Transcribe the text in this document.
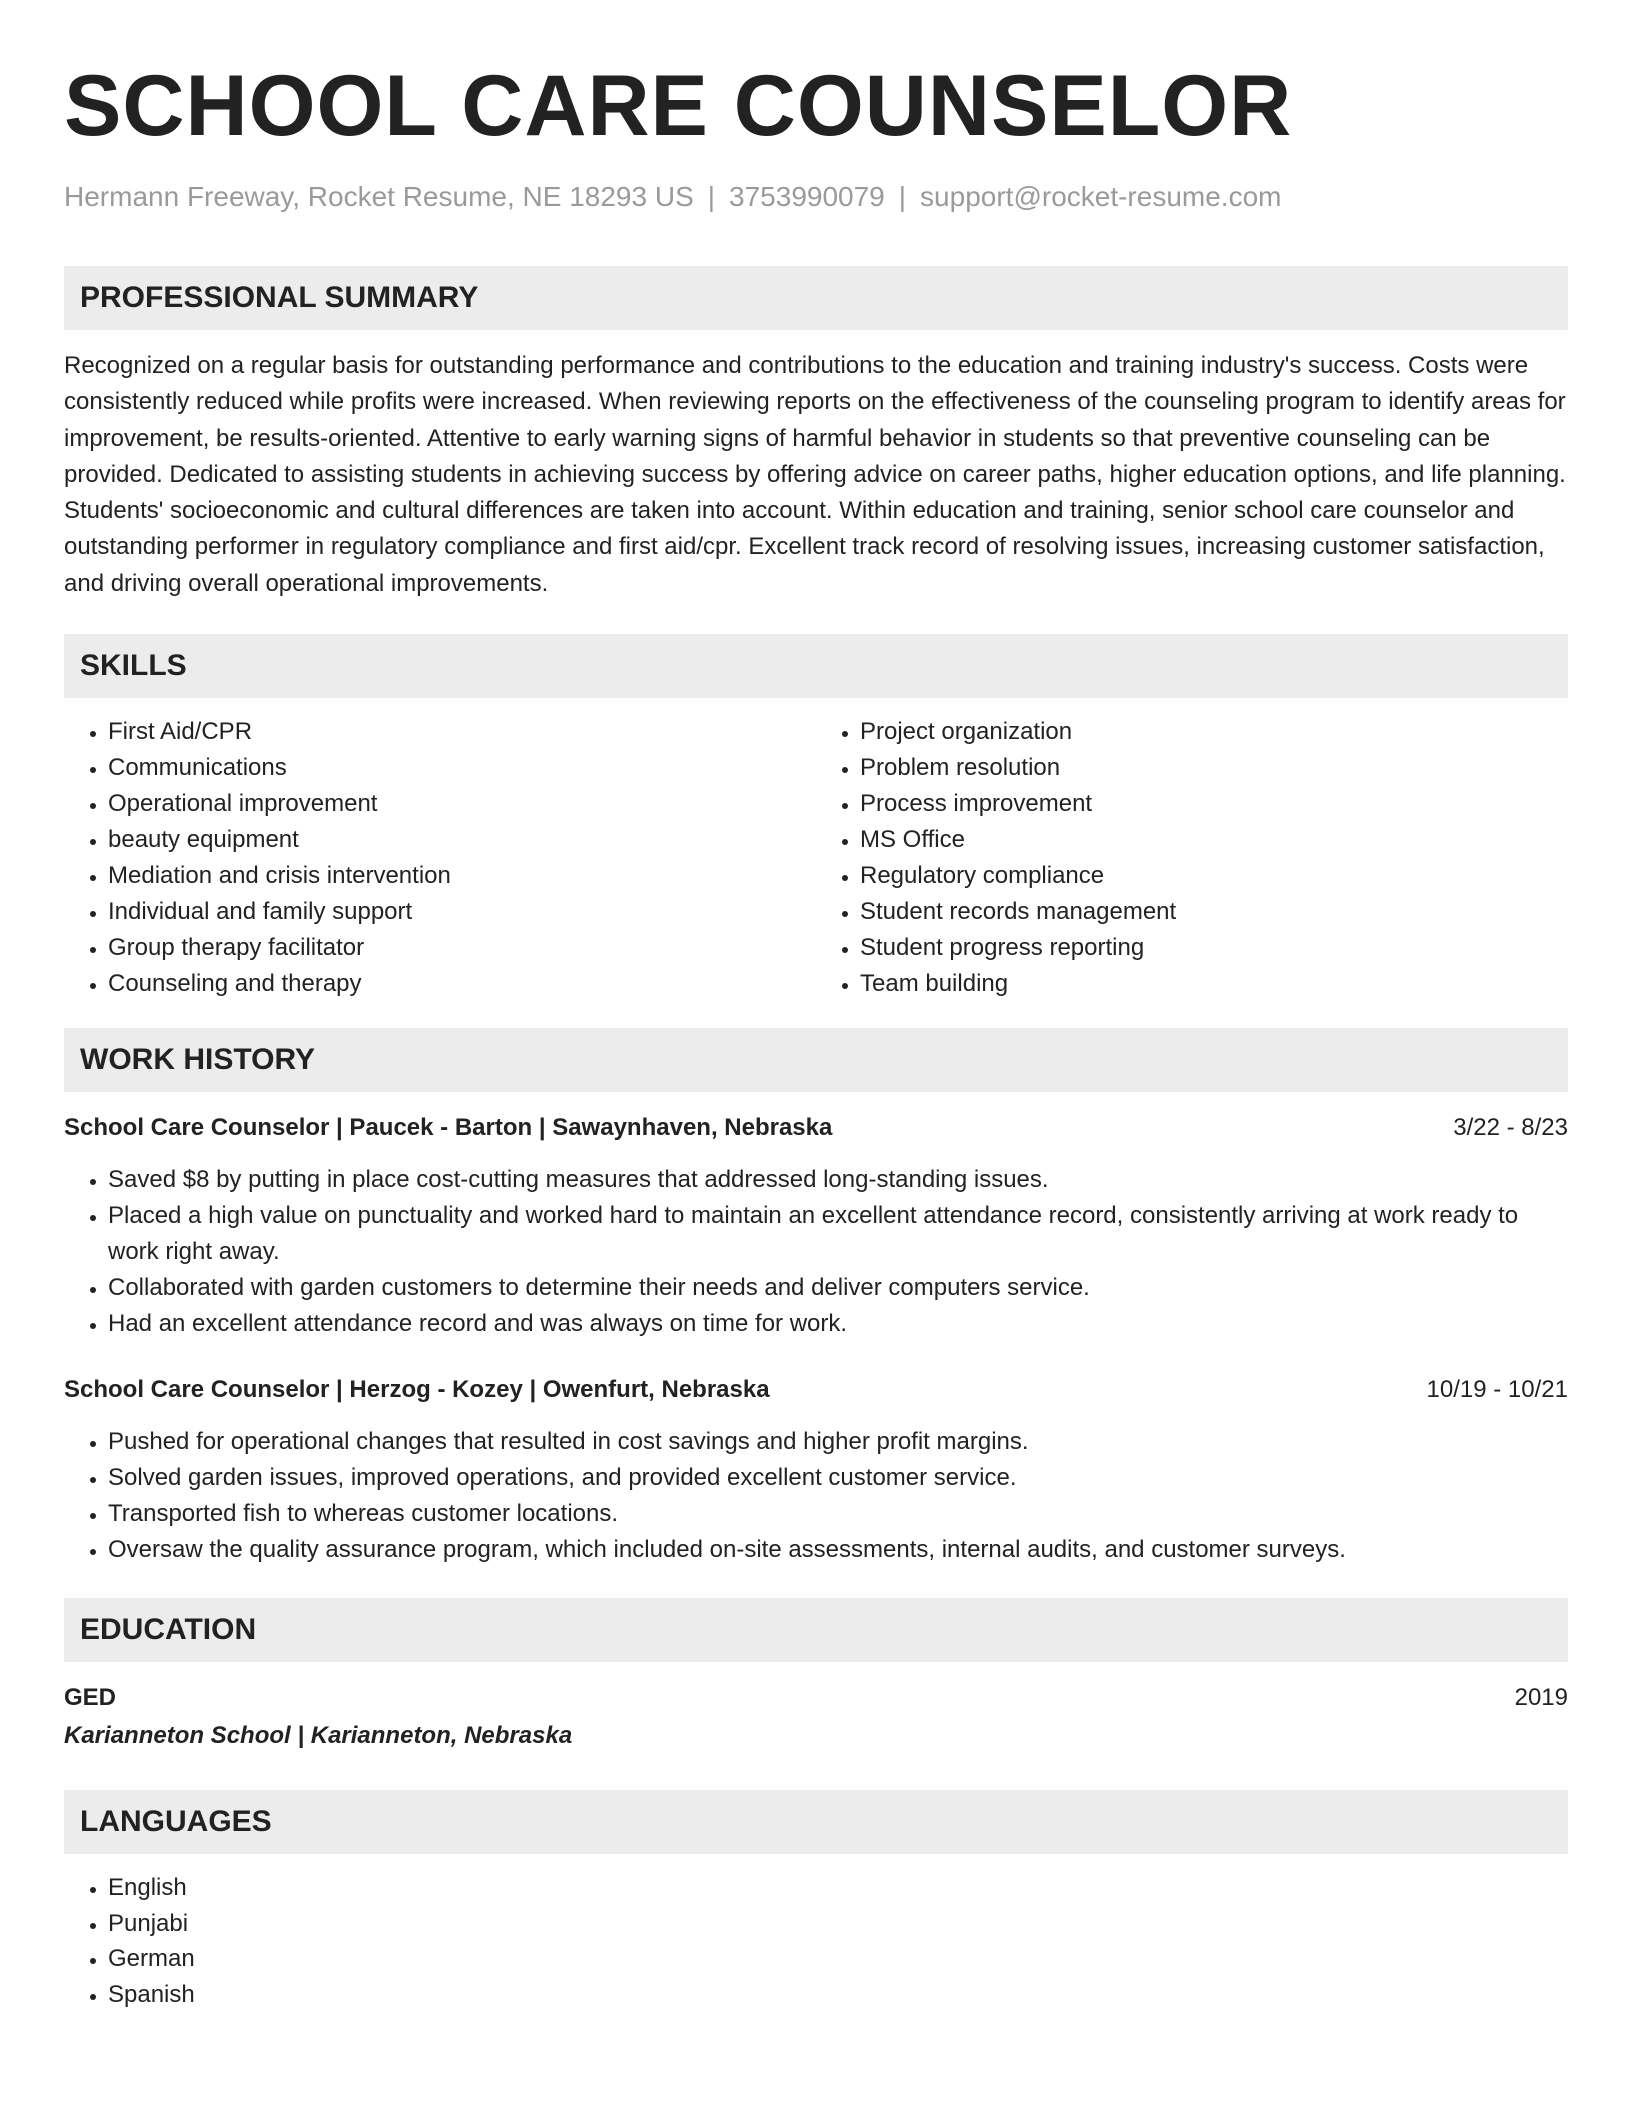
SCHOOL CARE COUNSELOR
Hermann Freeway, Rocket Resume, NE 18293 US | 3753990079 | support@rocket-resume.com
PROFESSIONAL SUMMARY

Recognized on a regular basis for outstanding performance and contributions to the education and training industry's success. Costs were consistently reduced while profits were increased. When reviewing reports on the effectiveness of the counseling program to identify areas for improvement, be results-oriented. Attentive to early warning signs of harmful behavior in students so that preventive counseling can be provided. Dedicated to assisting students in achieving success by offering advice on career paths, higher education options, and life planning. Students' socioeconomic and cultural differences are taken into account. Within education and training, senior school care counselor and outstanding performer in regulatory compliance and first aid/cpr. Excellent track record of resolving issues, increasing customer satisfaction, and driving overall operational improvements.

SKILLS
• First Aid/CPR
• Communications
• Operational improvement
• beauty equipment
• Mediation and crisis intervention
• Individual and family support
• Group therapy facilitator
• Counseling and therapy
• Project organization
• Problem resolution
• Process improvement
• MS Office
• Regulatory compliance
• Student records management
• Student progress reporting
• Team building
WORK HISTORY
School Care Counselor | Paucek - Barton | Sawaynhaven, Nebraska	3/22 - 8/23
• Saved $8 by putting in place cost-cutting measures that addressed long-standing issues.
• Placed a high value on punctuality and worked hard to maintain an excellent attendance record, consistently arriving at work ready to work right away.
• Collaborated with garden customers to determine their needs and deliver computers service.
• Had an excellent attendance record and was always on time for work.
School Care Counselor | Herzog - Kozey | Owenfurt, Nebraska	10/19 - 10/21
• Pushed for operational changes that resulted in cost savings and higher profit margins.
• Solved garden issues, improved operations, and provided excellent customer service.
• Transported fish to whereas customer locations.
• Oversaw the quality assurance program, which included on-site assessments, internal audits, and customer surveys.
EDUCATION
GED	2019
Karianneton School | Karianneton, Nebraska
LANGUAGES
• English
• Punjabi
• German
• Spanish
